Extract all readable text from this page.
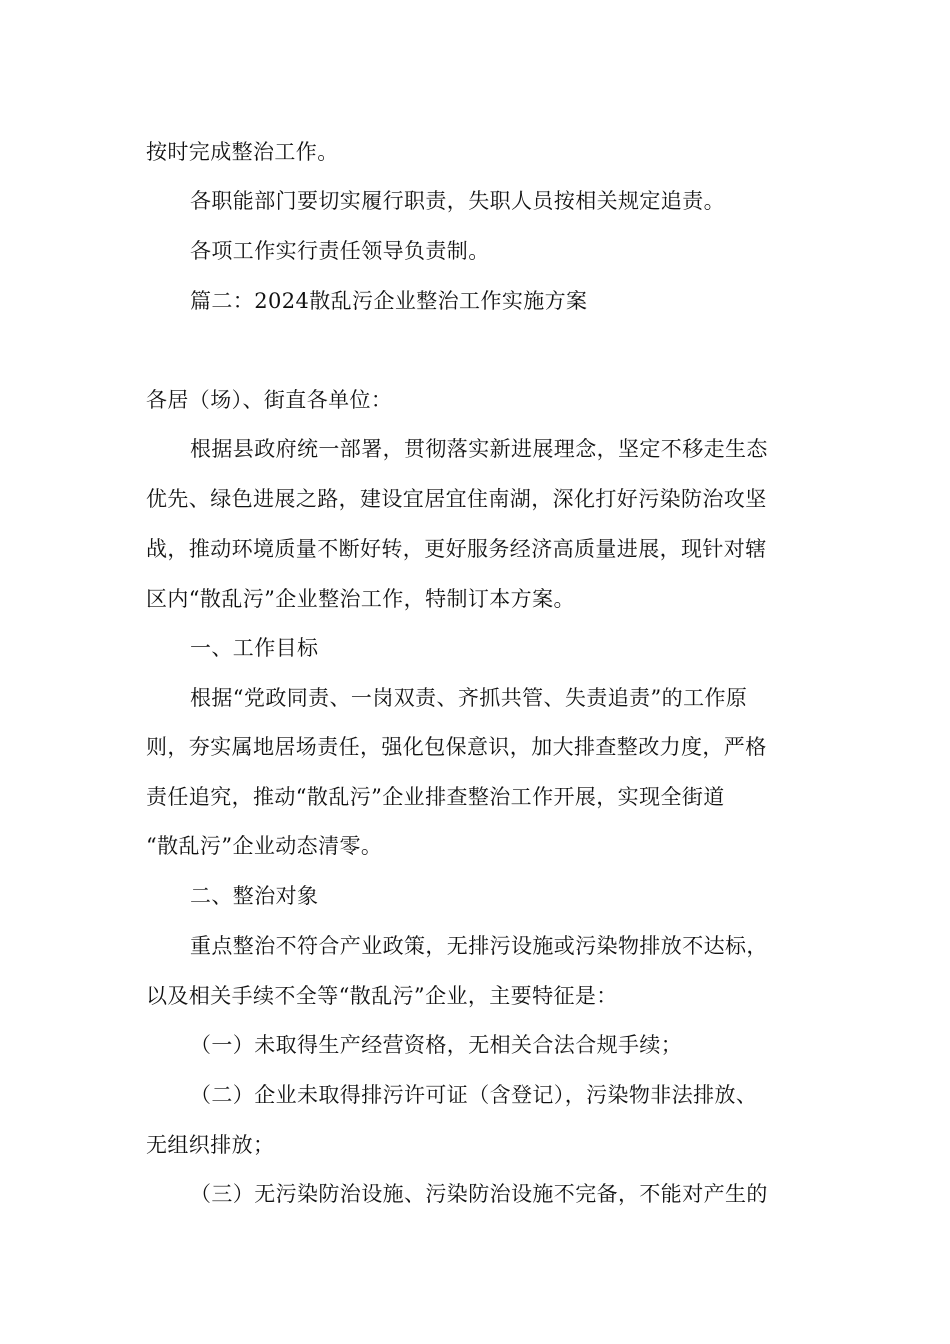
按时完成整治工作。
各职能部门要切实履行职责，失职人员按相关规定追责。
各项工作实行责任领导负责制。
篇二：2024散乱污企业整治工作实施方案
各居（场）、街直各单位：
根据县政府统一部署，贯彻落实新进展理念，坚定不移走生态
优先、绿色进展之路，建设宜居宜住南湖，深化打好污染防治攻坚
战，推动环境质量不断好转，更好服务经济高质量进展，现针对辖
区内“散乱污”企业整治工作，特制订本方案。
一、工作目标
根据“党政同责、一岗双责、齐抓共管、失责追责”的工作原
则，夯实属地居场责任，强化包保意识，加大排查整改力度，严格
责任追究，推动“散乱污”企业排查整治工作开展，实现全街道
“散乱污”企业动态清零。
二、整治对象
重点整治不符合产业政策，无排污设施或污染物排放不达标，
以及相关手续不全等“散乱污”企业，主要特征是：
（一）未取得生产经营资格，无相关合法合规手续；
（二）企业未取得排污许可证（含登记），污染物非法排放、
无组织排放；
（三）无污染防治设施、污染防治设施不完备，不能对产生的
